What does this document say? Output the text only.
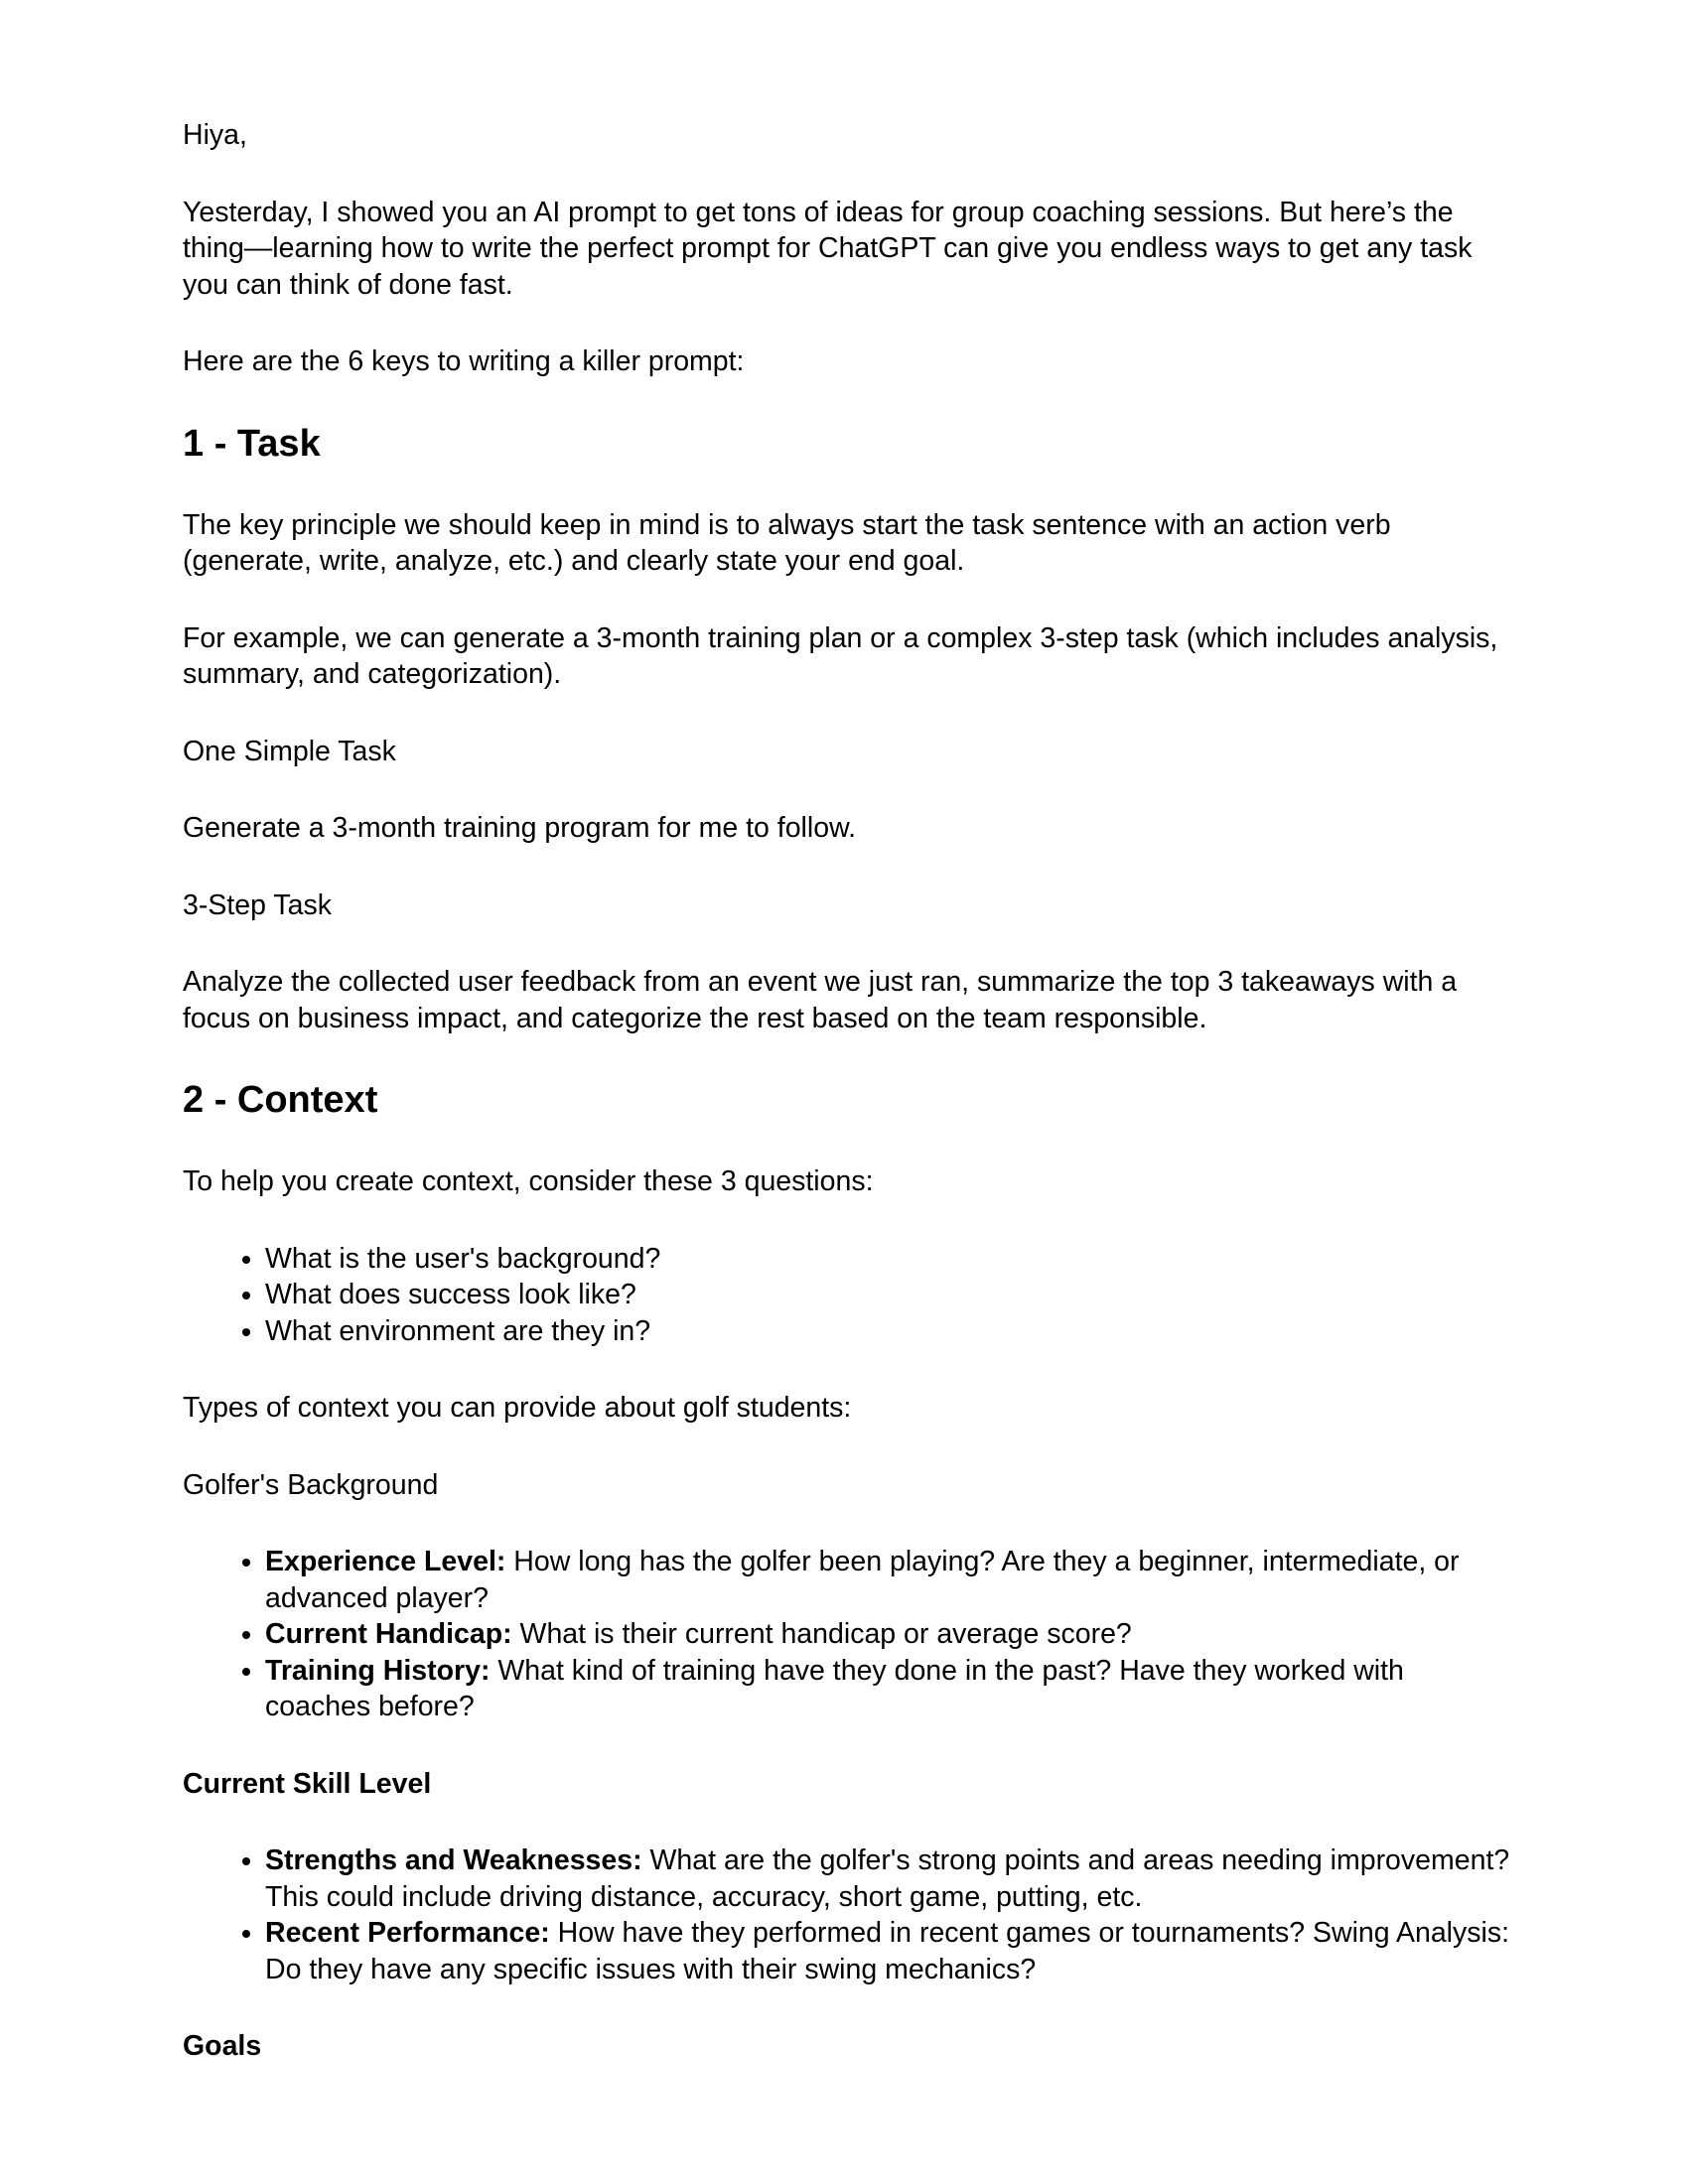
Hiya,

Yesterday, I showed you an AI prompt to get tons of ideas for group coaching sessions. But here’s the thing—learning how to write the perfect prompt for ChatGPT can give you endless ways to get any task you can think of done fast.

Here are the 6 keys to writing a killer prompt:

1 - Task

The key principle we should keep in mind is to always start the task sentence with an action verb (generate, write, analyze, etc.) and clearly state your end goal.

For example, we can generate a 3-month training plan or a complex 3-step task (which includes analysis, summary, and categorization).

One Simple Task

Generate a 3-month training program for me to follow.

3-Step Task

Analyze the collected user feedback from an event we just ran, summarize the top 3 takeaways with a focus on business impact, and categorize the rest based on the team responsible.

2 - Context

To help you create context, consider these 3 questions:

• What is the user's background?
• What does success look like?
• What environment are they in?

Types of context you can provide about golf students:

Golfer's Background

• Experience Level: How long has the golfer been playing? Are they a beginner, intermediate, or advanced player?
• Current Handicap: What is their current handicap or average score?
• Training History: What kind of training have they done in the past? Have they worked with coaches before?

Current Skill Level

• Strengths and Weaknesses: What are the golfer's strong points and areas needing improvement? This could include driving distance, accuracy, short game, putting, etc.
• Recent Performance: How have they performed in recent games or tournaments? Swing Analysis: Do they have any specific issues with their swing mechanics?

Goals
